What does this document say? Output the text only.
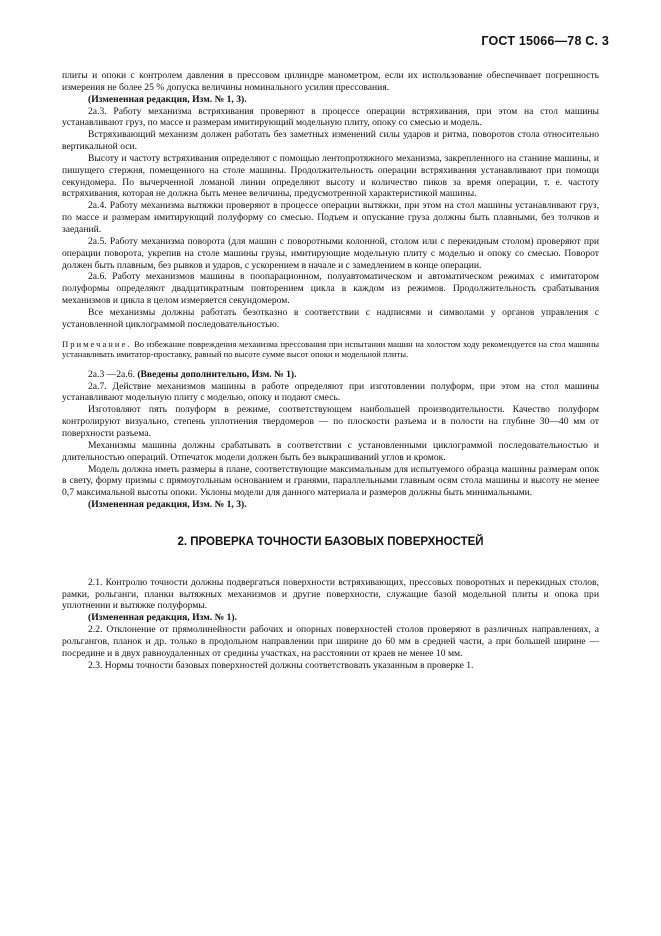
ГОСТ 15066—78 С. 3

плиты и опоки с контролем давления в прессовом цилиндре манометром, если их использование обеспечивает погрешность измерения не более 25 % допуска величины номинального усилия прессования.

(Измененная редакция, Изм. № 1, 3).

2а.3. Работу механизма встряхивания проверяют в процессе операции встряхивания, при этом на стол машины устанавливают груз, по массе и размерам имитирующий модельную плиту, опоку со смесью и модель.

Встряхивающий механизм должен работать без заметных изменений силы ударов и ритма, поворотов стола относительно вертикальной оси.

Высоту и частоту встряхивания определяют с помощью лентопротяжного механизма, закрепленного на станине машины, и пишущего стержня, помещенного на столе машины. Продолжительность операции встряхивания устанавливают при помощи секундомера. По вычерченной ломаной линии определяют высоту и количество пиков за время операции, т. е. частоту встряхивания, которая не должна быть менее величины, предусмотренной характеристикой машины.

2а.4. Работу механизма вытяжки проверяют в процессе операции вытяжки, при этом на стол машины устанавливают груз, по массе и размерам имитирующий полуформу со смесью. Подъем и опускание груза должны быть плавными, без толчков и заеданий.

2а.5. Работу механизма поворота (для машин с поворотными колонной, столом или с перекидным столом) проверяют при операции поворота, укрепив на столе машины грузы, имитирующие модельную плиту с моделью и опоку со смесью. Поворот должен быть плавным, без рывков и ударов, с ускорением в начале и с замедлением в конце операции.

2а.6. Работу механизмов машины в поопарационном, полуавтоматическом и автоматическом режимах с имитатором полуформы определяют двадцатикратным повторением цикла в каждом из режимов. Продолжительность срабатывания механизмов и цикла в целом измеряется секундомером.

Все механизмы должны работать безотказно в соответствии с надписями и символами у органов управления с установленной циклограммой последовательностью.

Примечание. Во избежание повреждения механизма прессования при испытании машин на холостом ходу рекомендуется на стол машины устанавливать имитатор-проставку, равный по высоте сумме высот опоки и модельной плиты.

2а.3 —2а.6. (Введены дополнительно, Изм. № 1).

2а.7. Действие механизмов машины в работе определяют при изготовлении полуформ, при этом на стол машины устанавливают модельную плиту с моделью, опоку и подают смесь.

Изготовляют пять полуформ в режиме, соответствующем наибольшей производительности. Качество полуформ контролируют визуально, степень уплотнения твердомеров — по плоскости разъема и в полости на глубине 30—40 мм от поверхности разъема.

Механизмы машины должны срабатывать в соответствии с установленными циклограммой последовательностью и длительностью операций. Отпечаток модели должен быть без выкрашиваний углов и кромок.

Модель должна иметь размеры в плане, соответствующие максимальным для испытуемого образца машины размерам опок в свету, форму призмы с прямоугольным основанием и гранями, параллельными главным осям стола машины и высоту не менее 0,7 максимальной высоты опоки. Уклоны модели для данного материала и размеров должны быть минимальными.

(Измененная редакция, Изм. № 1, 3).

2. ПРОВЕРКА ТОЧНОСТИ БАЗОВЫХ ПОВЕРХНОСТЕЙ

2.1. Контролю точности должны подвергаться поверхности встряхивающих, прессовых поворотных и перекидных столов, рамки, рольганги, планки вытяжных механизмов и другие поверхности, служащие базой модельной плиты и опока при уплотнении и вытяжке полуформы.

(Измененная редакция, Изм. № 1).

2.2. Отклонение от прямолинейности рабочих и опорных поверхностей столов проверяют в различных направлениях, а рольгангов, планок и др. только в продольном направлении при ширине до 60 мм в средней части, а при большей ширине — посредине и в двух равноудаленных от средины участках, на расстоянии от краев не менее 10 мм.

2.3. Нормы точности базовых поверхностей должны соответствовать указанным в проверке 1.
